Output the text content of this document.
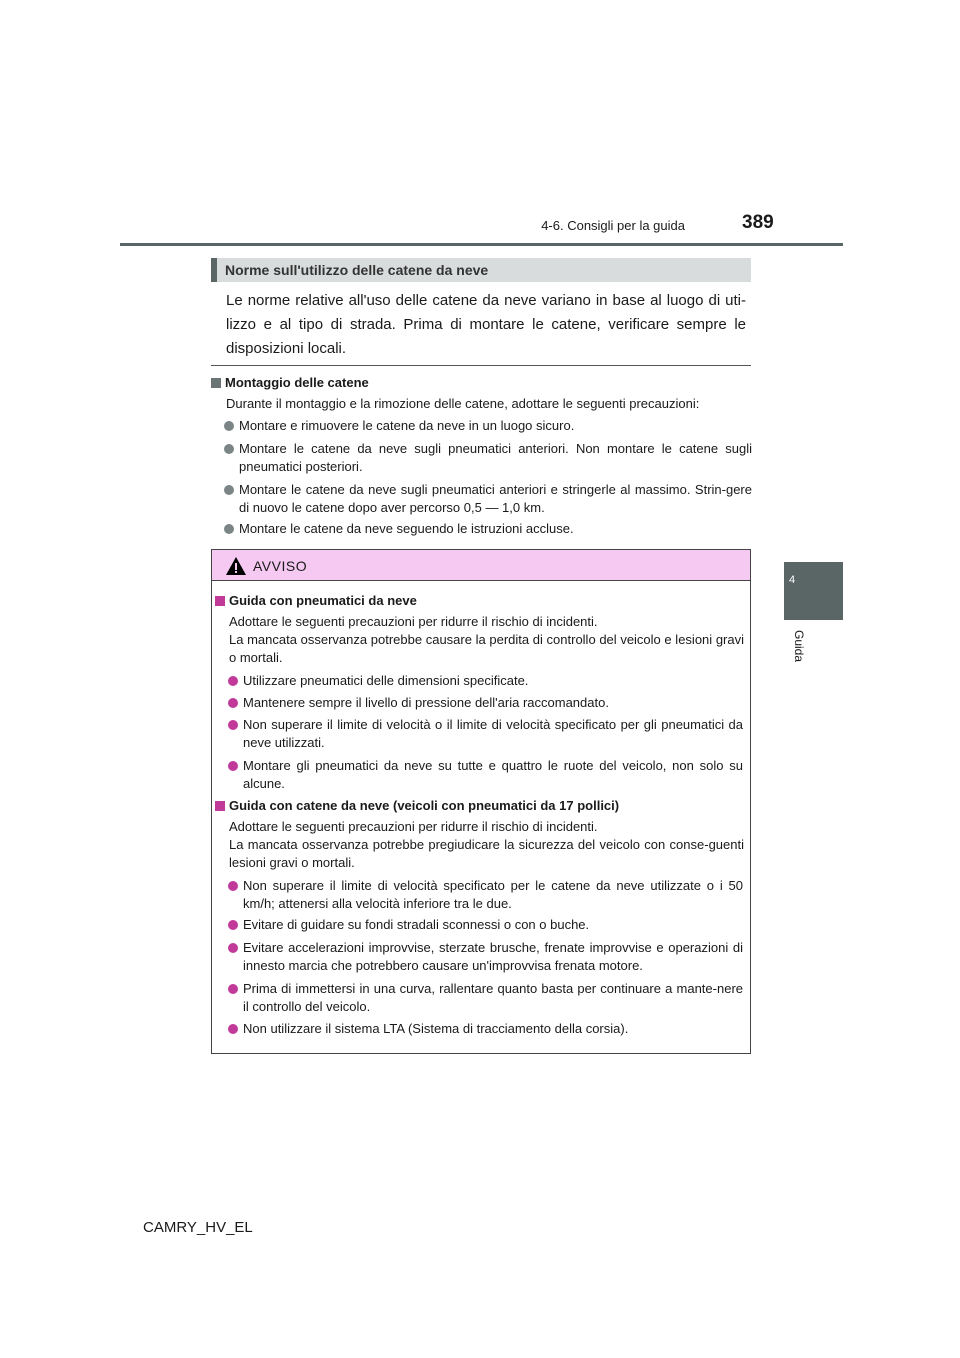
4-6. Consigli per la guida	389
4
Guida
Norme sull'utilizzo delle catene da neve
Le norme relative all'uso delle catene da neve variano in base al luogo di uti-lizzo e al tipo di strada. Prima di montare le catene, verificare sempre le disposizioni locali.
Montaggio delle catene
Durante il montaggio e la rimozione delle catene, adottare le seguenti precauzioni:
Montare e rimuovere le catene da neve in un luogo sicuro.
Montare le catene da neve sugli pneumatici anteriori. Non montare le catene sugli pneumatici posteriori.
Montare le catene da neve sugli pneumatici anteriori e stringerle al massimo. Strin-gere di nuovo le catene dopo aver percorso 0,5 — 1,0 km.
Montare le catene da neve seguendo le istruzioni accluse.
AVVISO
Guida con pneumatici da neve
Adottare le seguenti precauzioni per ridurre il rischio di incidenti.
La mancata osservanza potrebbe causare la perdita di controllo del veicolo e lesioni gravi o mortali.
Utilizzare pneumatici delle dimensioni specificate.
Mantenere sempre il livello di pressione dell'aria raccomandato.
Non superare il limite di velocità o il limite di velocità specificato per gli pneumatici da neve utilizzati.
Montare gli pneumatici da neve su tutte e quattro le ruote del veicolo, non solo su alcune.
Guida con catene da neve (veicoli con pneumatici da 17 pollici)
Adottare le seguenti precauzioni per ridurre il rischio di incidenti.
La mancata osservanza potrebbe pregiudicare la sicurezza del veicolo con conse-guenti lesioni gravi o mortali.
Non superare il limite di velocità specificato per le catene da neve utilizzate o i 50 km/h; attenersi alla velocità inferiore tra le due.
Evitare di guidare su fondi stradali sconnessi o con o buche.
Evitare accelerazioni improvvise, sterzate brusche, frenate improvvise e operazioni di innesto marcia che potrebbero causare un'improvvisa frenata motore.
Prima di immettersi in una curva, rallentare quanto basta per continuare a mante-nere il controllo del veicolo.
Non utilizzare il sistema LTA (Sistema di tracciamento della corsia).
CAMRY_HV_EL
